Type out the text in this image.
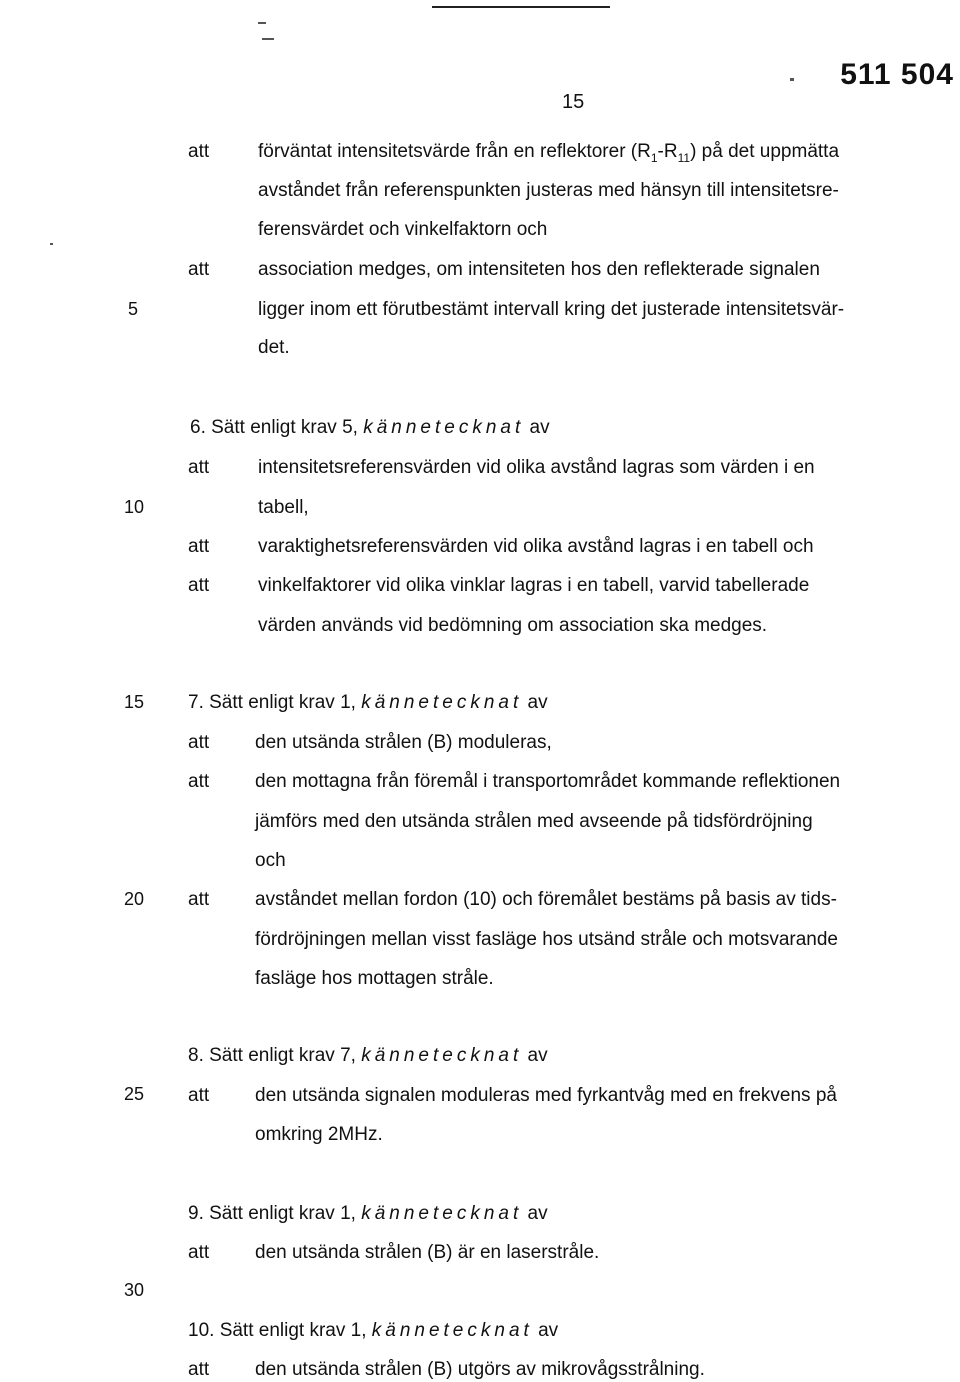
511 504
15
5
10
15
20
25
30
att	förväntat intensitetsvärde från en reflektorer $(R_1-R_{11})$ på det uppmätta
avståndet från referenspunkten justeras med hänsyn till intensitetsre-
ferensvärdet och vinkelfaktorn och
att	association medges, om intensiteten hos den reflekterade signalen
ligger inom ett förutbestämt intervall kring det justerade intensitetsvär-
det.
6. Sätt enligt krav 5, kännetecknat av
att	intensitetsreferensvärden vid olika avstånd lagras som värden i en
tabell,
att	varaktighetsreferensvärden vid olika avstånd lagras i en tabell och
att	vinkelfaktorer vid olika vinklar lagras i en tabell, varvid tabellerade
värden används vid bedömning om association ska medges.
7. Sätt enligt krav 1, kännetecknat av
att den utsända strålen (B) moduleras,
att den mottagna från föremål i transportområdet kommande reflektionen
jämförs med den utsända strålen med avseende på tidsfördröjning
och
att avståndet mellan fordon (10) och föremålet bestäms på basis av tids-
fördröjningen mellan visst fasläge hos utsänd stråle och motsvarande
fasläge hos mottagen stråle.
8. Sätt enligt krav 7, kännetecknat av
att den utsända signalen moduleras med fyrkantvåg med en frekvens på
omkring 2MHz.
9. Sätt enligt krav 1, kännetecknat av
att den utsända strålen (B) är en laserstråle.
10. Sätt enligt krav 1, kännetecknat av
att den utsända strålen (B) utgörs av mikrovågsstrålning.
